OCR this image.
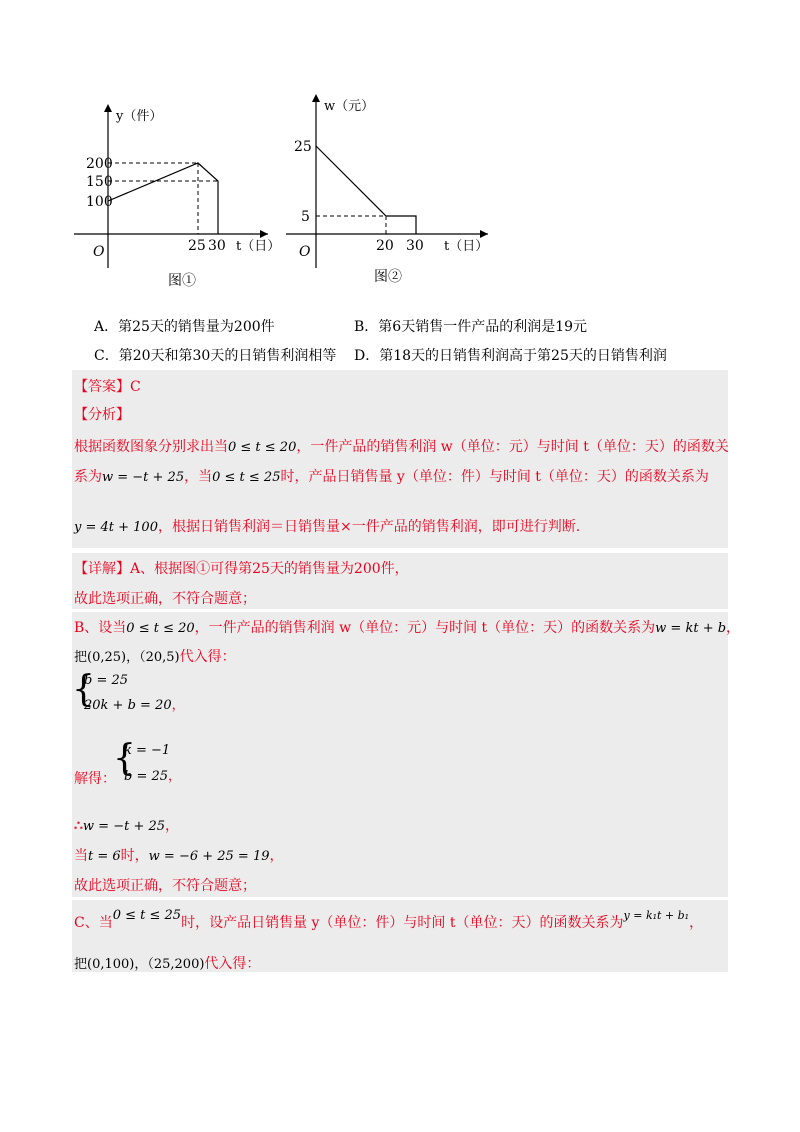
y（件）
200
150
100
O	25 30 t（日）
w（元）
25
5
O	20 30 t（日）
图①	图②
A．第25天的销售量为200件	B．第6天销售一件产品的利润是19元
C．第20天和第30天的日销售利润相等 D．第18天的日销售利润高于第25天的日销售利润
【答案】C
【分析】
根据函数图象分别求出当0 ≤ t ≤ 20，一件产品的销售利润 w（单位：元）与时间 t（单位：天）的函数关
系为w = −t + 25，当0 ≤ t ≤ 25时，产品日销售量 y（单位：件）与时间 t（单位：天）的函数关系为
y = 4t + 100，根据日销售利润＝日销售量×一件产品的销售利润，即可进行判断.
【详解】A、根据图①可得第25天的销售量为200件，
故此选项正确，不符合题意；
B、设当0 ≤ t ≤ 20，一件产品的销售利润 w（单位：元）与时间 t（单位：天）的函数关系为w = kt + b，
把(0,25)，（20,5)代入得：
{
b = 25
20k + b = 20，
解得：
{
k = −1
b = 25，
∴w = −t + 25，
当t = 6时，w = −6 + 25 = 19，
故此选项正确，不符合题意；
C、当0 ≤ t ≤ 25时，设产品日销售量 y（单位：件）与时间 t（单位：天）的函数关系为$^{y = k_1t + b_1}$，
把(0,100)，（25,200)代入得：
